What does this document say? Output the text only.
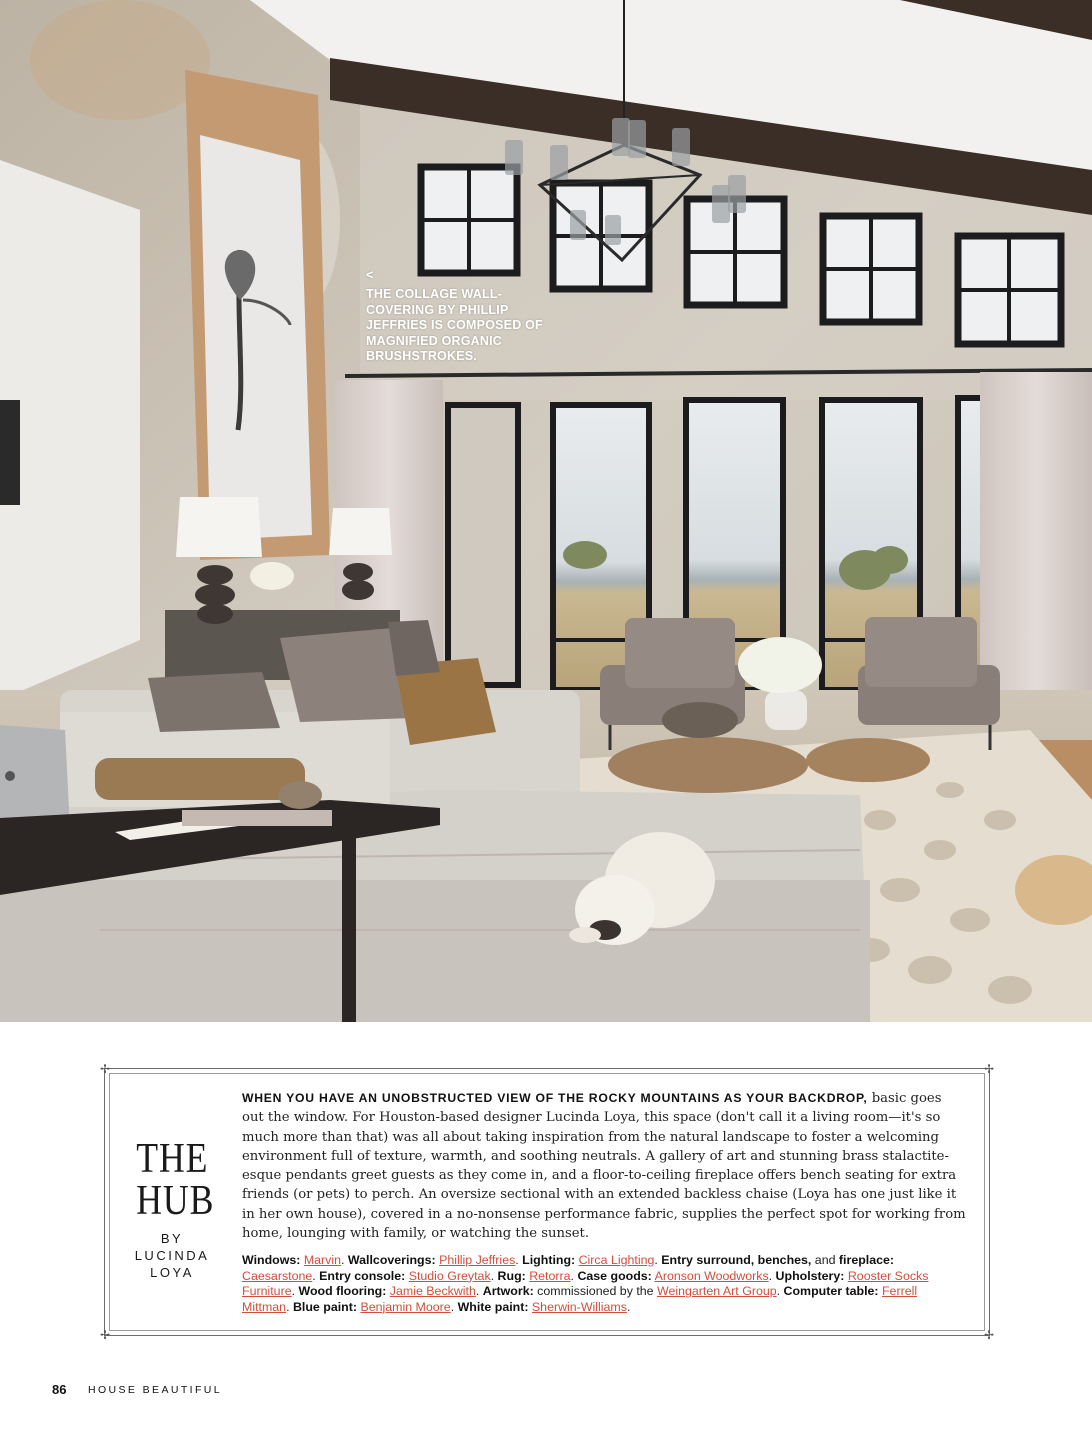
<
THE COLLAGE WALL-COVERING BY PHILLIP JEFFRIES IS COMPOSED OF MAGNIFIED ORGANIC BRUSHSTROKES.
✢	✢
✢	✢
THE
HUB
BY
LUCINDA
LOYA
WHEN YOU HAVE AN UNOBSTRUCTED VIEW OF THE ROCKY MOUNTAINS AS YOUR BACKDROP, basic goes out the window. For Houston-based designer Lucinda Loya, this space (don't call it a living room—it's so much more than that) was all about taking inspiration from the natural landscape to foster a welcoming environment full of texture, warmth, and soothing neutrals. A gallery of art and stunning brass stalactite-esque pendants greet guests as they come in, and a floor-to-ceiling fireplace offers bench seating for extra friends (or pets) to perch. An oversize sectional with an extended backless chaise (Loya has one just like it in her own house), covered in a no-nonsense performance fabric, supplies the perfect spot for working from home, lounging with family, or watching the sunset.
Windows: Marvin. Wallcoverings: Phillip Jeffries. Lighting: Circa Lighting. Entry surround, benches, and fireplace: Caesarstone. Entry console: Studio Greytak. Rug: Retorra. Case goods: Aronson Woodworks. Upholstery: Rooster Socks Furniture. Wood flooring: Jamie Beckwith. Artwork: commissioned by the Weingarten Art Group. Computer table: Ferrell Mittman. Blue paint: Benjamin Moore. White paint: Sherwin-Williams.
86 HOUSE BEAUTIFUL
